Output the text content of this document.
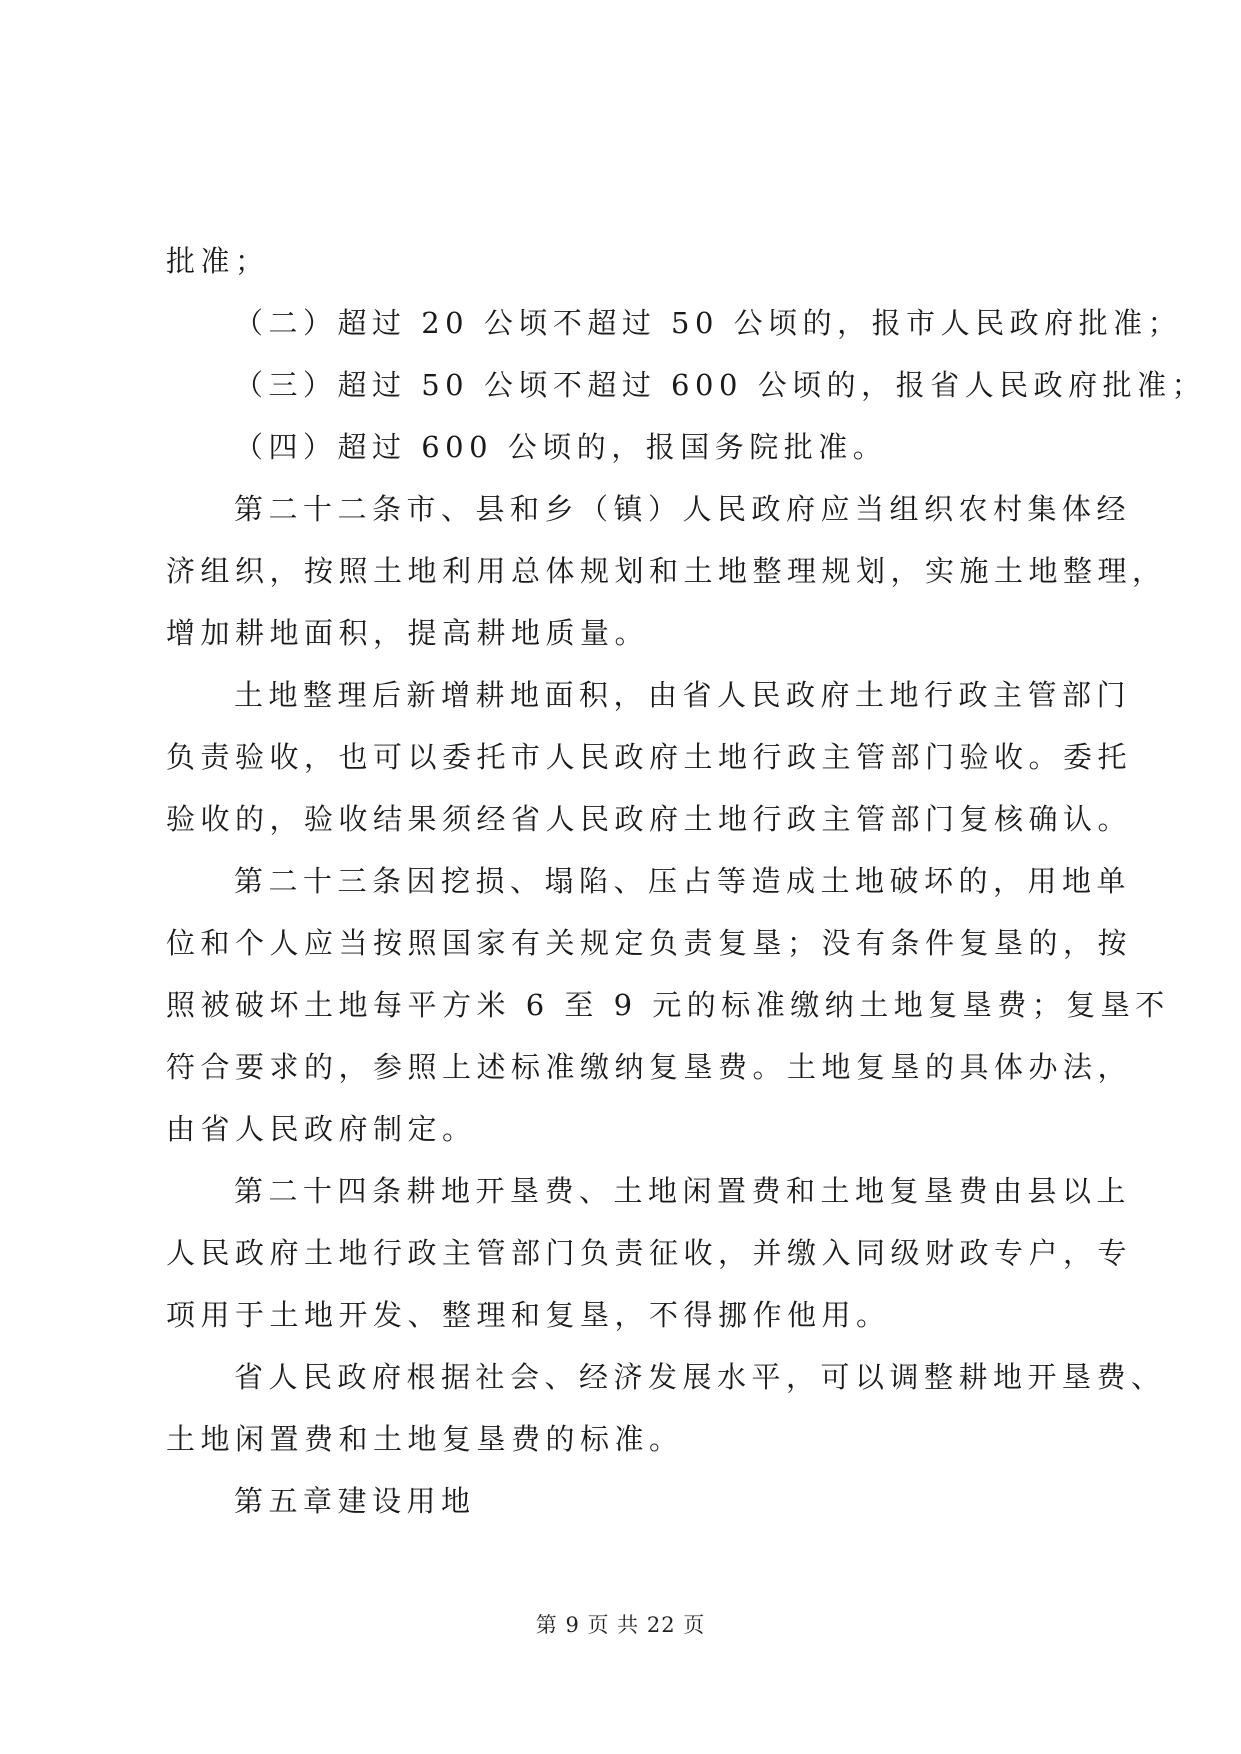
批准；
（二）超过 20 公顷不超过 50 公顷的，报市人民政府批准；
（三）超过 50 公顷不超过 600 公顷的，报省人民政府批准；
（四）超过 600 公顷的，报国务院批准。
第二十二条市、县和乡（镇）人民政府应当组织农村集体经
济组织，按照土地利用总体规划和土地整理规划，实施土地整理，
增加耕地面积，提高耕地质量。
土地整理后新增耕地面积，由省人民政府土地行政主管部门
负责验收，也可以委托市人民政府土地行政主管部门验收。委托
验收的，验收结果须经省人民政府土地行政主管部门复核确认。
第二十三条因挖损、塌陷、压占等造成土地破坏的，用地单
位和个人应当按照国家有关规定负责复垦；没有条件复垦的，按
照被破坏土地每平方米 6 至 9 元的标准缴纳土地复垦费；复垦不
符合要求的，参照上述标准缴纳复垦费。土地复垦的具体办法，
由省人民政府制定。
第二十四条耕地开垦费、土地闲置费和土地复垦费由县以上
人民政府土地行政主管部门负责征收，并缴入同级财政专户，专
项用于土地开发、整理和复垦，不得挪作他用。
省人民政府根据社会、经济发展水平，可以调整耕地开垦费、
土地闲置费和土地复垦费的标准。
第五章建设用地
第 9 页 共 22 页
